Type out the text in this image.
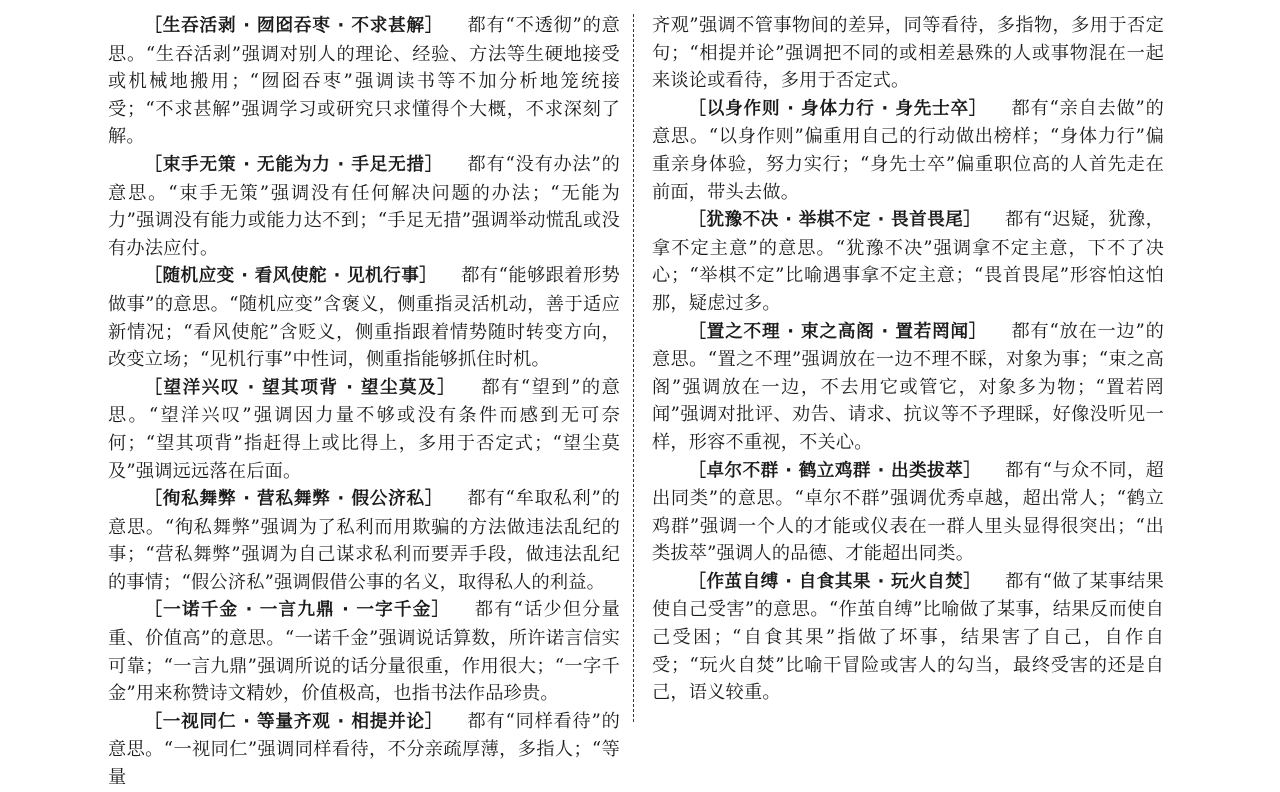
［生吞活剥 · 囫囵吞枣 · 不求甚解］ 都有“不透彻”的意思。“生吞活剥”强调对别人的理论、经验、方法等生硬地接受或机械地搬用；“囫囵吞枣”强调读书等不加分析地笼统接受；“不求甚解”强调学习或研究只求懂得个大概，不求深刻了解。

［束手无策 · 无能为力 · 手足无措］ 都有“没有办法”的意思。“束手无策”强调没有任何解决问题的办法；“无能为力”强调没有能力或能力达不到；“手足无措”强调举动慌乱或没有办法应付。

［随机应变 · 看风使舵 · 见机行事］ 都有“能够跟着形势做事”的意思。“随机应变”含褒义，侧重指灵活机动，善于适应新情况；“看风使舵”含贬义，侧重指跟着情势随时转变方向，改变立场；“见机行事”中性词，侧重指能够抓住时机。

［望洋兴叹 · 望其项背 · 望尘莫及］ 都有“望到”的意思。“望洋兴叹”强调因力量不够或没有条件而感到无可奈何；“望其项背”指赶得上或比得上，多用于否定式；“望尘莫及”强调远远落在后面。

［徇私舞弊 · 营私舞弊 · 假公济私］ 都有“牟取私利”的意思。“徇私舞弊”强调为了私利而用欺骗的方法做违法乱纪的事；“营私舞弊”强调为自己谋求私利而要弄手段，做违法乱纪的事情；“假公济私”强调假借公事的名义，取得私人的利益。

［一诺千金 · 一言九鼎 · 一字千金］ 都有“话少但分量重、价值高”的意思。“一诺千金”强调说话算数，所许诺言信实可靠；“一言九鼎”强调所说的话分量很重，作用很大；“一字千金”用来称赞诗文精妙，价值极高，也指书法作品珍贵。

［一视同仁 · 等量齐观 · 相提并论］ 都有“同样看待”的意思。“一视同仁”强调同样看待，不分亲疏厚薄，多指人；“等量

齐观”强调不管事物间的差异，同等看待，多指物，多用于否定句；“相提并论”强调把不同的或相差悬殊的人或事物混在一起来谈论或看待，多用于否定式。

［以身作则 · 身体力行 · 身先士卒］ 都有“亲自去做”的意思。“以身作则”偏重用自己的行动做出榜样；“身体力行”偏重亲身体验，努力实行；“身先士卒”偏重职位高的人首先走在前面，带头去做。

［犹豫不决 · 举棋不定 · 畏首畏尾］ 都有“迟疑，犹豫，拿不定主意”的意思。“犹豫不决”强调拿不定主意，下不了决心；“举棋不定”比喻遇事拿不定主意；“畏首畏尾”形容怕这怕那，疑虑过多。

［置之不理 · 束之高阁 · 置若罔闻］ 都有“放在一边”的意思。“置之不理”强调放在一边不理不睬，对象为事；“束之高阁”强调放在一边，不去用它或管它，对象多为物；“置若罔闻”强调对批评、劝告、请求、抗议等不予理睬，好像没听见一样，形容不重视，不关心。

［卓尔不群 · 鹤立鸡群 · 出类拔萃］ 都有“与众不同，超出同类”的意思。“卓尔不群”强调优秀卓越，超出常人；“鹤立鸡群”强调一个人的才能或仪表在一群人里头显得很突出；“出类拔萃”强调人的品德、才能超出同类。

［作茧自缚 · 自食其果 · 玩火自焚］ 都有“做了某事结果使自己受害”的意思。“作茧自缚”比喻做了某事，结果反而使自己受困；“自食其果”指做了坏事，结果害了自己，自作自受；“玩火自焚”比喻干冒险或害人的勾当，最终受害的还是自己，语义较重。
